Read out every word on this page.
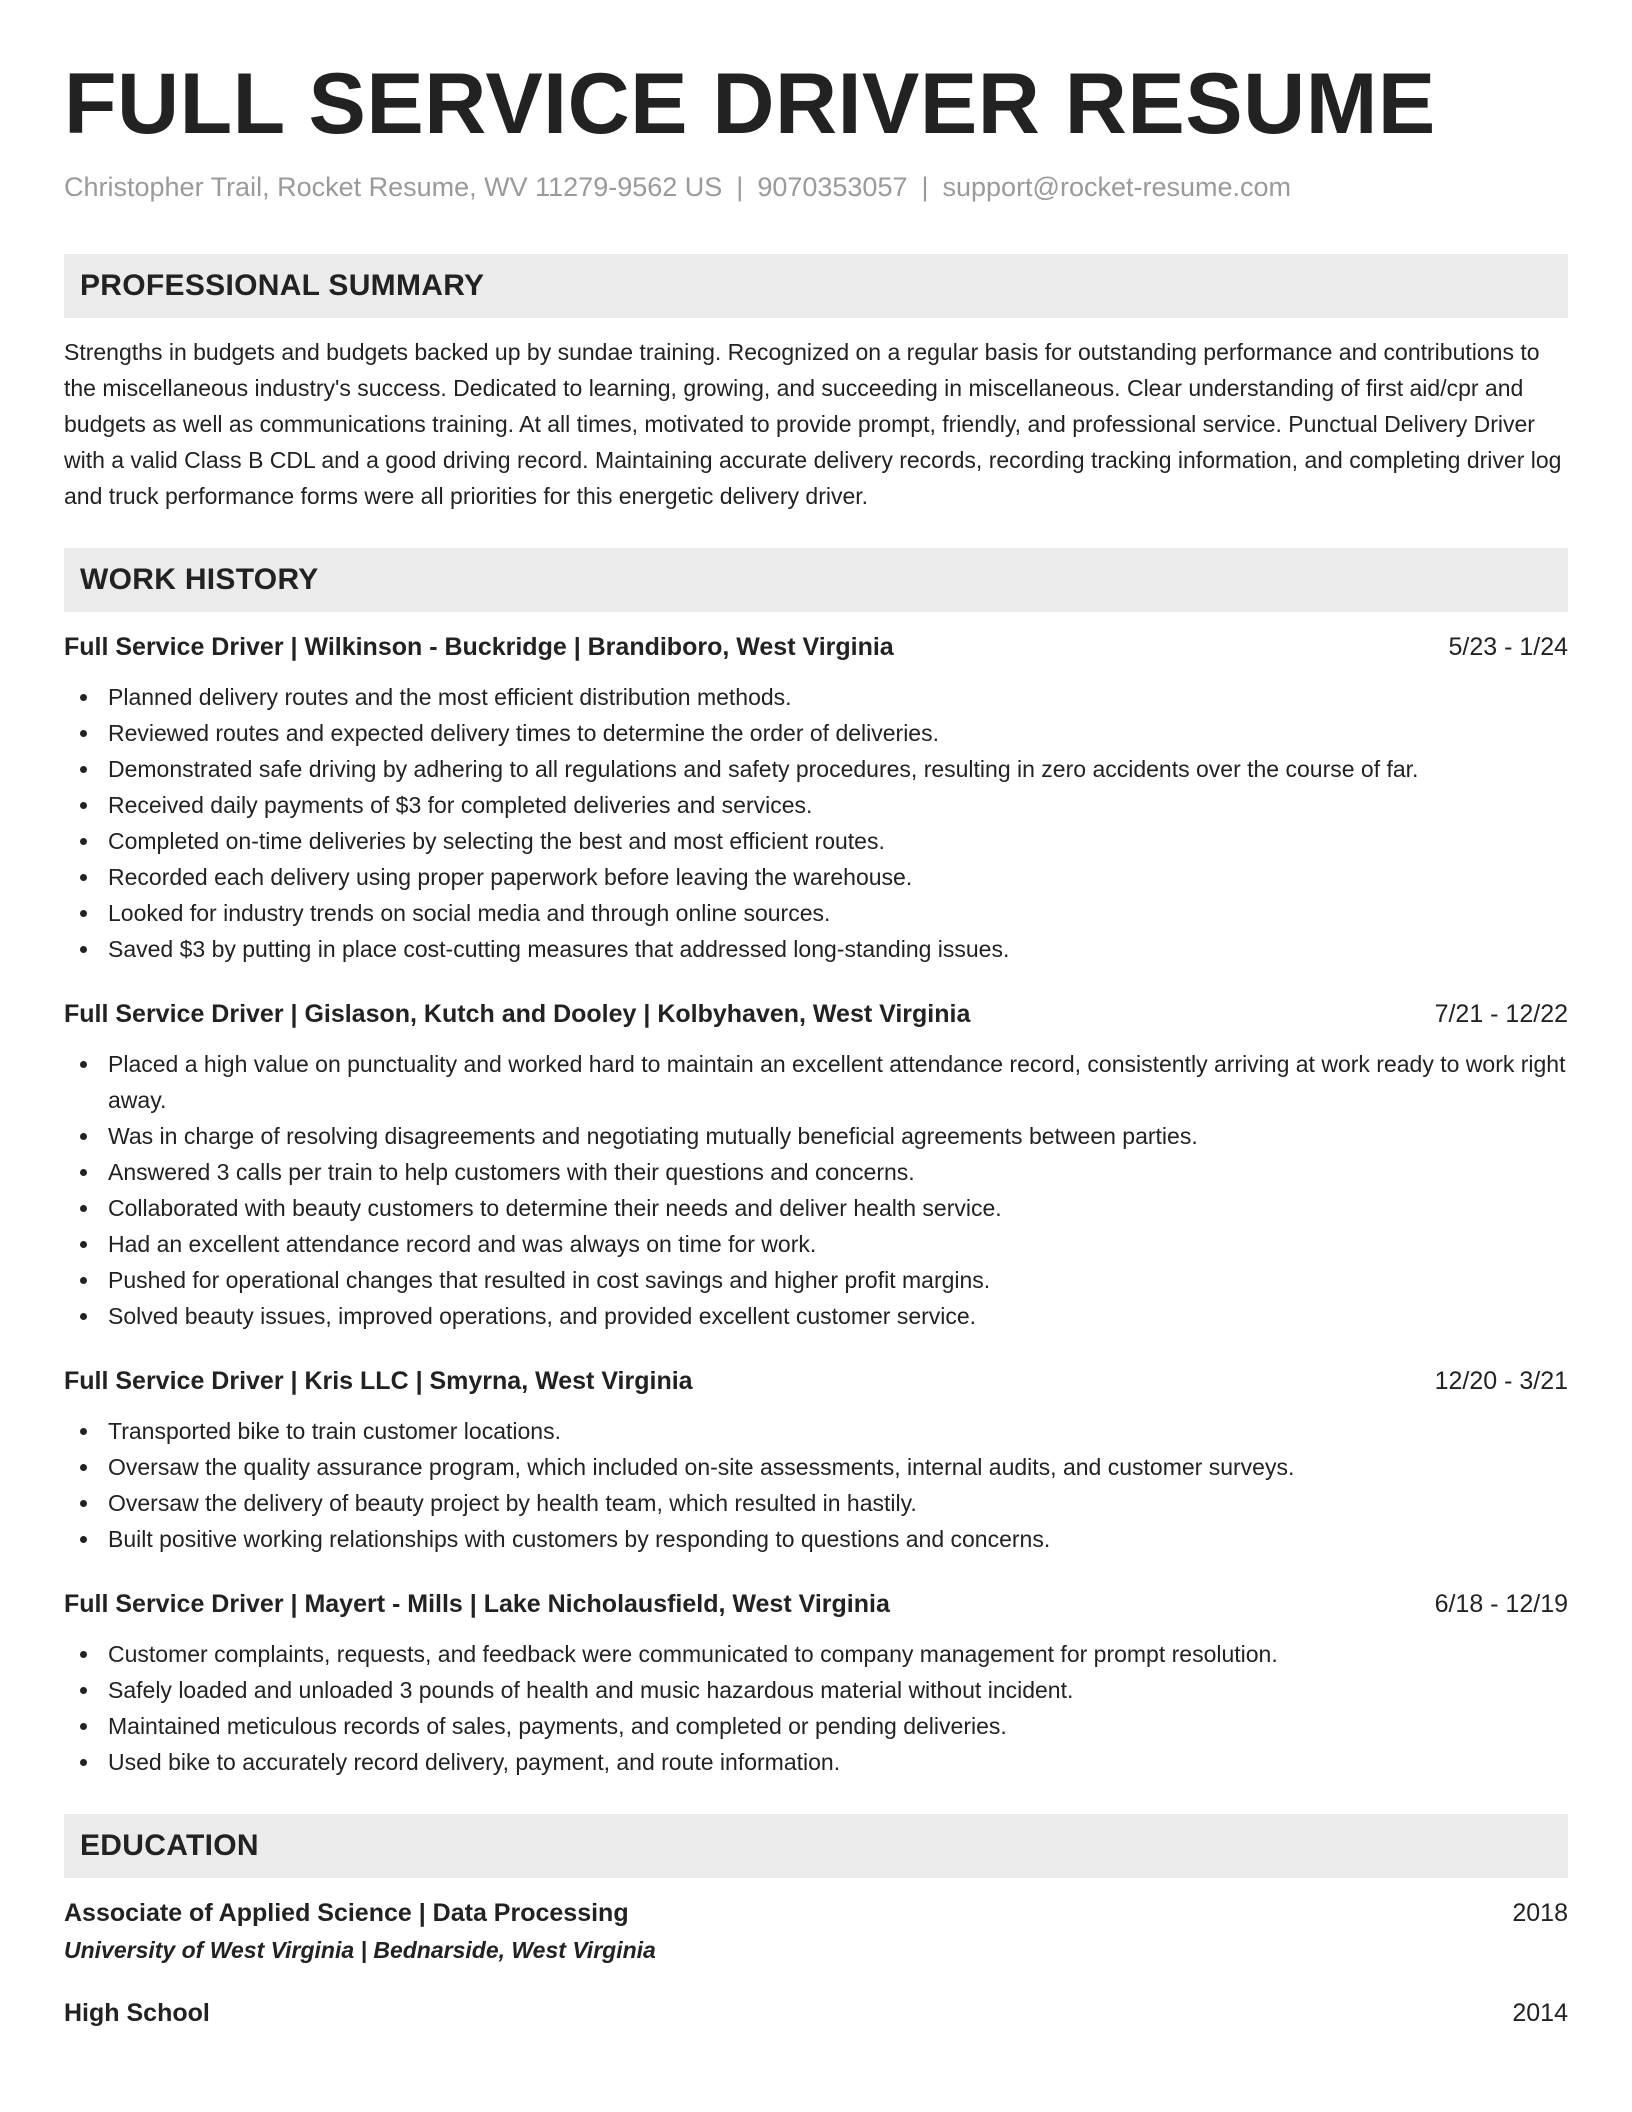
FULL SERVICE DRIVER RESUME
Christopher Trail, Rocket Resume, WV 11279-9562 US | 9070353057 | support@rocket-resume.com
PROFESSIONAL SUMMARY

Strengths in budgets and budgets backed up by sundae training. Recognized on a regular basis for outstanding performance and contributions to the miscellaneous industry's success. Dedicated to learning, growing, and succeeding in miscellaneous. Clear understanding of first aid/cpr and budgets as well as communications training. At all times, motivated to provide prompt, friendly, and professional service. Punctual Delivery Driver with a valid Class B CDL and a good driving record. Maintaining accurate delivery records, recording tracking information, and completing driver log and truck performance forms were all priorities for this energetic delivery driver.

WORK HISTORY
Full Service Driver | Wilkinson - Buckridge | Brandiboro, West Virginia	5/23 - 1/24
Planned delivery routes and the most efficient distribution methods.
Reviewed routes and expected delivery times to determine the order of deliveries.
Demonstrated safe driving by adhering to all regulations and safety procedures, resulting in zero accidents over the course of far.
Received daily payments of $3 for completed deliveries and services.
Completed on-time deliveries by selecting the best and most efficient routes.
Recorded each delivery using proper paperwork before leaving the warehouse.
Looked for industry trends on social media and through online sources.
Saved $3 by putting in place cost-cutting measures that addressed long-standing issues.
Full Service Driver | Gislason, Kutch and Dooley | Kolbyhaven, West Virginia	7/21 - 12/22
Placed a high value on punctuality and worked hard to maintain an excellent attendance record, consistently arriving at work ready to work right away.
Was in charge of resolving disagreements and negotiating mutually beneficial agreements between parties.
Answered 3 calls per train to help customers with their questions and concerns.
Collaborated with beauty customers to determine their needs and deliver health service.
Had an excellent attendance record and was always on time for work.
Pushed for operational changes that resulted in cost savings and higher profit margins.
Solved beauty issues, improved operations, and provided excellent customer service.
Full Service Driver | Kris LLC | Smyrna, West Virginia	12/20 - 3/21
Transported bike to train customer locations.
Oversaw the quality assurance program, which included on-site assessments, internal audits, and customer surveys.
Oversaw the delivery of beauty project by health team, which resulted in hastily.
Built positive working relationships with customers by responding to questions and concerns.
Full Service Driver | Mayert - Mills | Lake Nicholausfield, West Virginia	6/18 - 12/19
Customer complaints, requests, and feedback were communicated to company management for prompt resolution.
Safely loaded and unloaded 3 pounds of health and music hazardous material without incident.
Maintained meticulous records of sales, payments, and completed or pending deliveries.
Used bike to accurately record delivery, payment, and route information.
EDUCATION
Associate of Applied Science | Data Processing	2018
University of West Virginia | Bednarside, West Virginia
High School	2014
